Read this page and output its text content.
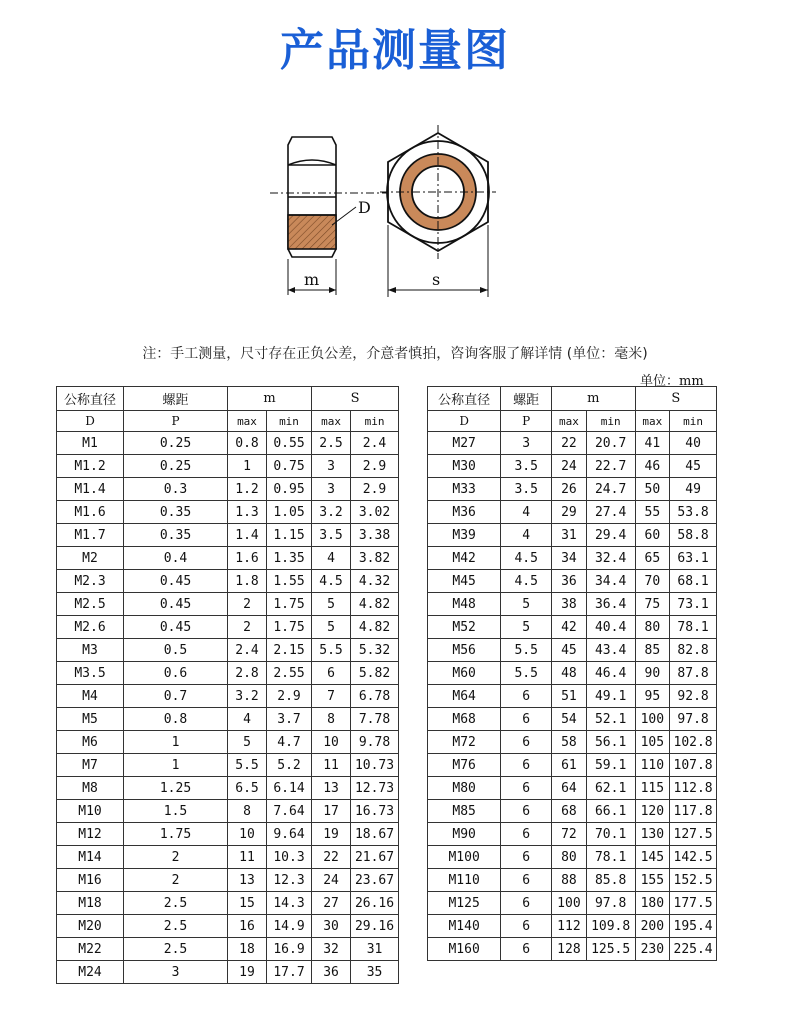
产品测量图
D
m	s
注：手工测量，尺寸存在正负公差，介意者慎拍，咨询客服了解详情 (单位：毫米)
单位：mm
公称直径	螺距	m		S	
D	P	max	min	max	min
M1	0.25	0.8	0.55	2.5	2.4
M1.2	0.25	1	0.75	3	2.9
M1.4	0.3	1.2	0.95	3	2.9
M1.6	0.35	1.3	1.05	3.2	3.02
M1.7	0.35	1.4	1.15	3.5	3.38
M2	0.4	1.6	1.35	4	3.82
M2.3	0.45	1.8	1.55	4.5	4.32
M2.5	0.45	2	1.75	5	4.82
M2.6	0.45	2	1.75	5	4.82
M3	0.5	2.4	2.15	5.5	5.32
M3.5	0.6	2.8	2.55	6	5.82
M4	0.7	3.2	2.9	7	6.78
M5	0.8	4	3.7	8	7.78
M6	1	5	4.7	10	9.78
M7	1	5.5	5.2	11	10.73
M8	1.25	6.5	6.14	13	12.73
M10	1.5	8	7.64	17	16.73
M12	1.75	10	9.64	19	18.67
M14	2	11	10.3	22	21.67
M16	2	13	12.3	24	23.67
M18	2.5	15	14.3	27	26.16
M20	2.5	16	14.9	30	29.16
M22	2.5	18	16.9	32	31
M24	3	19	17.7	36	35
公称直径	螺距	m		S	
D	P	max	min	max	min
M27	3	22	20.7	41	40
M30	3.5	24	22.7	46	45
M33	3.5	26	24.7	50	49
M36	4	29	27.4	55	53.8
M39	4	31	29.4	60	58.8
M42	4.5	34	32.4	65	63.1
M45	4.5	36	34.4	70	68.1
M48	5	38	36.4	75	73.1
M52	5	42	40.4	80	78.1
M56	5.5	45	43.4	85	82.8
M60	5.5	48	46.4	90	87.8
M64	6	51	49.1	95	92.8
M68	6	54	52.1	100	97.8
M72	6	58	56.1	105	102.8
M76	6	61	59.1	110	107.8
M80	6	64	62.1	115	112.8
M85	6	68	66.1	120	117.8
M90	6	72	70.1	130	127.5
M100	6	80	78.1	145	142.5
M110	6	88	85.8	155	152.5
M125	6	100	97.8	180	177.5
M140	6	112	109.8	200	195.4
M160	6	128	125.5	230	225.4
